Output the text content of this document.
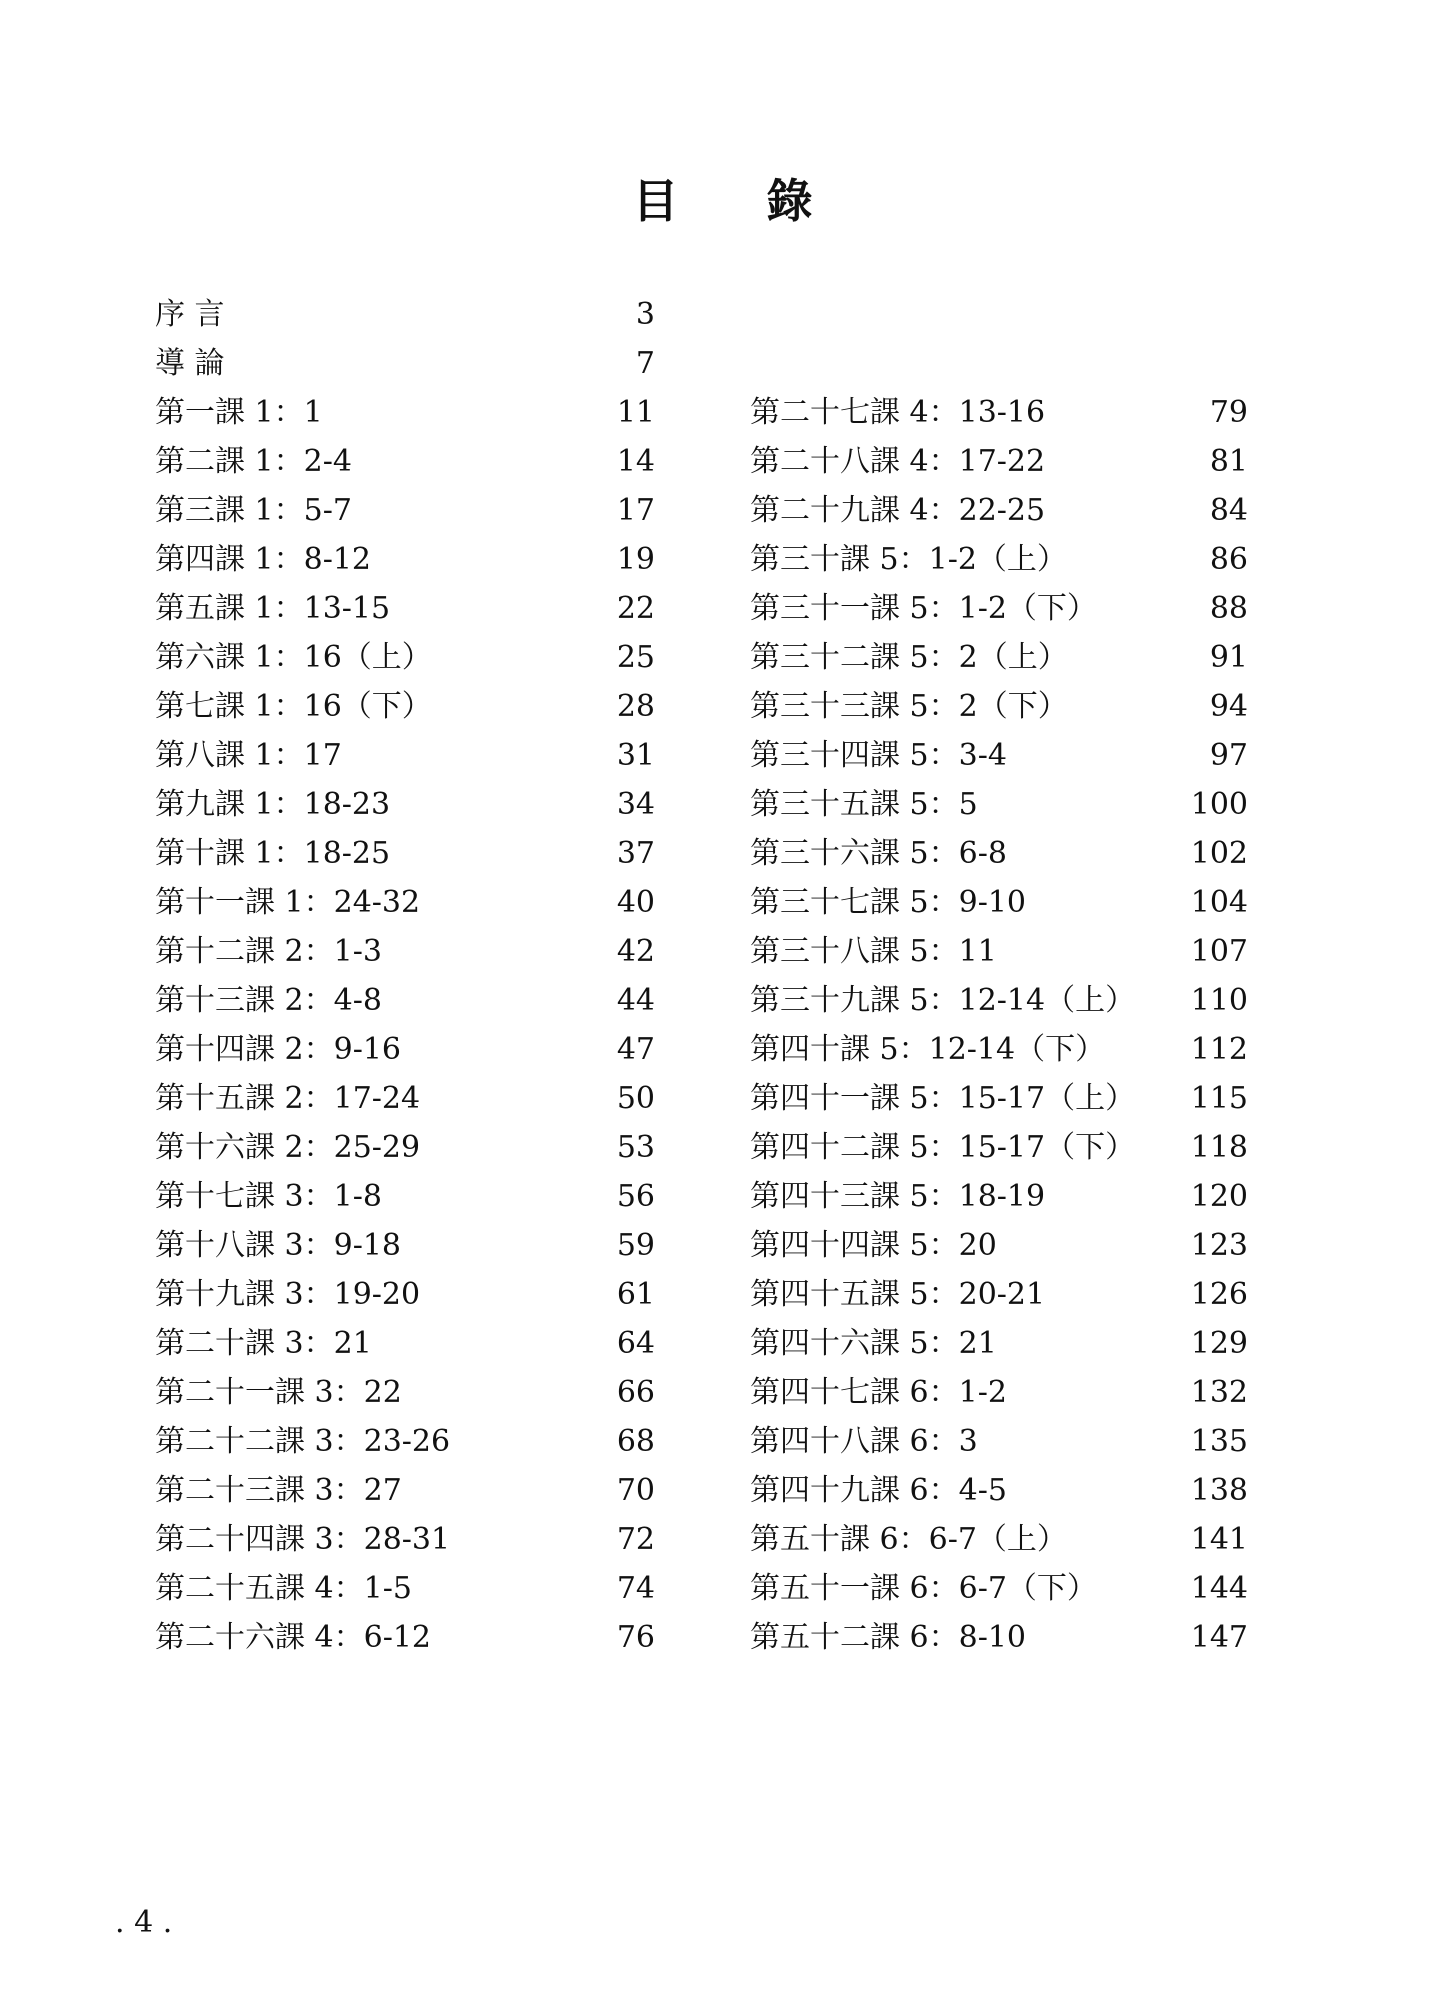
目 錄
序 言	3
導 論	7
第一課 1：1	11
第二課 1：2-4	14
第三課 1：5-7	17
第四課 1：8-12	19
第五課 1：13-15	22
第六課 1：16（上）	25
第七課 1：16（下）	28
第八課 1：17	31
第九課 1：18-23	34
第十課 1：18-25	37
第十一課 1：24-32	40
第十二課 2：1-3	42
第十三課 2：4-8	44
第十四課 2：9-16	47
第十五課 2：17-24	50
第十六課 2：25-29	53
第十七課 3：1-8	56
第十八課 3：9-18	59
第十九課 3：19-20	61
第二十課 3：21	64
第二十一課 3：22	66
第二十二課 3：23-26	68
第二十三課 3：27	70
第二十四課 3：28-31	72
第二十五課 4：1-5	74
第二十六課 4：6-12	76
第二十七課 4：13-16	79
第二十八課 4：17-22	81
第二十九課 4：22-25	84
第三十課 5：1-2（上）	86
第三十一課 5：1-2（下）	88
第三十二課 5：2（上）	91
第三十三課 5：2（下）	94
第三十四課 5：3-4	97
第三十五課 5：5	100
第三十六課 5：6-8	102
第三十七課 5：9-10	104
第三十八課 5：11	107
第三十九課 5：12-14（上） 110
第四十課 5：12-14（下）	112
第四十一課 5：15-17（上） 115
第四十二課 5：15-17（下） 118
第四十三課 5：18-19	120
第四十四課 5：20	123
第四十五課 5：20-21	126
第四十六課 5：21	129
第四十七課 6：1-2	132
第四十八課 6：3	135
第四十九課 6：4-5	138
第五十課 6：6-7（上）	141
第五十一課 6：6-7（下）	144
第五十二課 6：8-10	147
. 4 .
